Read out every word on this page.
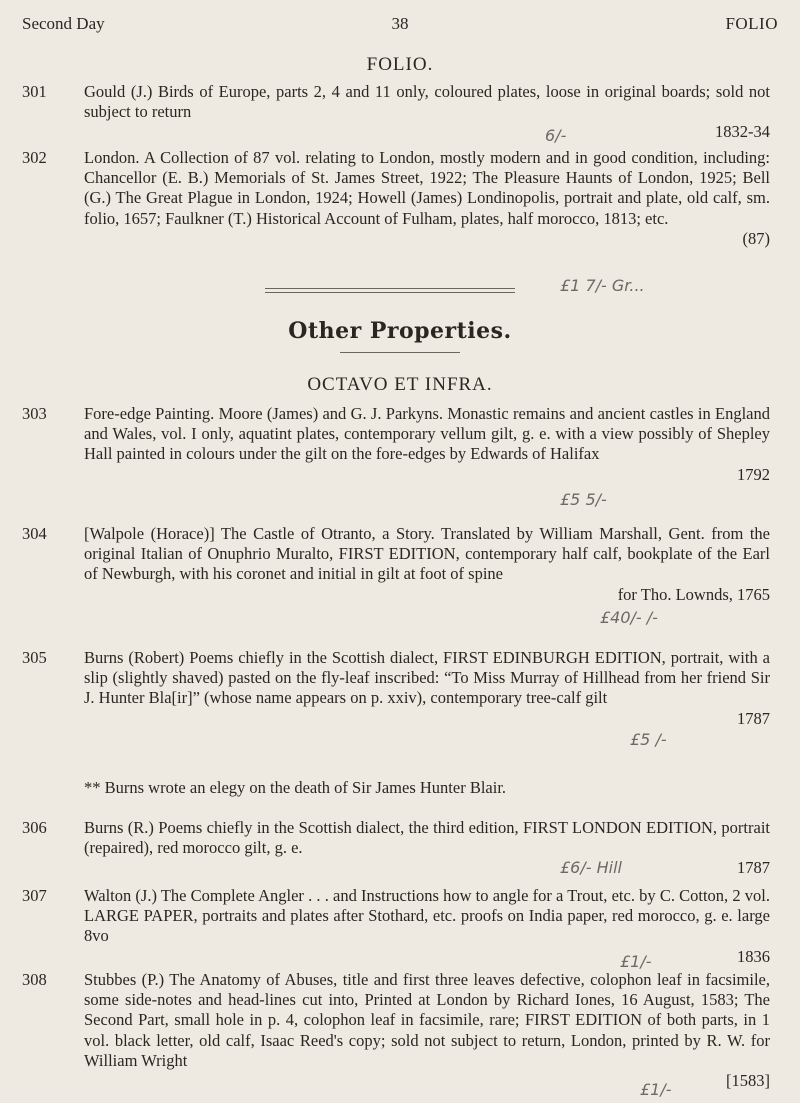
Second Day	38	FOLIO
FOLIO.
301	Gould (J.) Birds of Europe, parts 2, 4 and 11 only, coloured plates, loose in original boards; sold not subject to return
1832-34
6/-
302	London. A Collection of 87 vol. relating to London, mostly modern and in good condition, including: Chancellor (E. B.) Memorials of St. James Street, 1922; The Pleasure Haunts of London, 1925; Bell (G.) The Great Plague in London, 1924; Howell (James) Londinopolis, portrait and plate, old calf, sm. folio, 1657; Faulkner (T.) Historical Account of Fulham, plates, half morocco, 1813; etc.
(87)
£1 7/- Gr...
Other Properties.
OCTAVO ET INFRA.
303	Fore-edge Painting. Moore (James) and G. J. Parkyns. Monastic remains and ancient castles in England and Wales, vol. I only, aquatint plates, contemporary vellum gilt, g. e. with a view possibly of Shepley Hall painted in colours under the gilt on the fore-edges by Edwards of Halifax
1792
£5 5/-
304	[Walpole (Horace)] The Castle of Otranto, a Story. Translated by William Marshall, Gent. from the original Italian of Onuphrio Muralto, FIRST EDITION, contemporary half calf, bookplate of the Earl of Newburgh, with his coronet and initial in gilt at foot of spine
for Tho. Lownds, 1765
£40/- /-
305	Burns (Robert) Poems chiefly in the Scottish dialect, FIRST EDINBURGH EDITION, portrait, with a slip (slightly shaved) pasted on the fly-leaf inscribed: “To Miss Murray of Hillhead from her friend Sir J. Hunter Bla[ir]” (whose name appears on p. xxiv), contemporary tree-calf gilt
1787
£5 /-
** Burns wrote an elegy on the death of Sir James Hunter Blair.
306	Burns (R.) Poems chiefly in the Scottish dialect, the third edition, FIRST LONDON EDITION, portrait (repaired), red morocco gilt, g. e.
1787
£6/- Hill
307	Walton (J.) The Complete Angler . . . and Instructions how to angle for a Trout, etc. by C. Cotton, 2 vol. LARGE PAPER, portraits and plates after Stothard, etc. proofs on India paper, red morocco, g. e. large 8vo
1836
£1/-
308	Stubbes (P.) The Anatomy of Abuses, title and first three leaves defective, colophon leaf in facsimile, some side-notes and head-lines cut into, Printed at London by Richard Iones, 16 August, 1583; The Second Part, small hole in p. 4, colophon leaf in facsimile, rare; FIRST EDITION of both parts, in 1 vol. black letter, old calf, Isaac Reed's copy; sold not subject to return, London, printed by R. W. for William Wright
[1583]
£1/-
